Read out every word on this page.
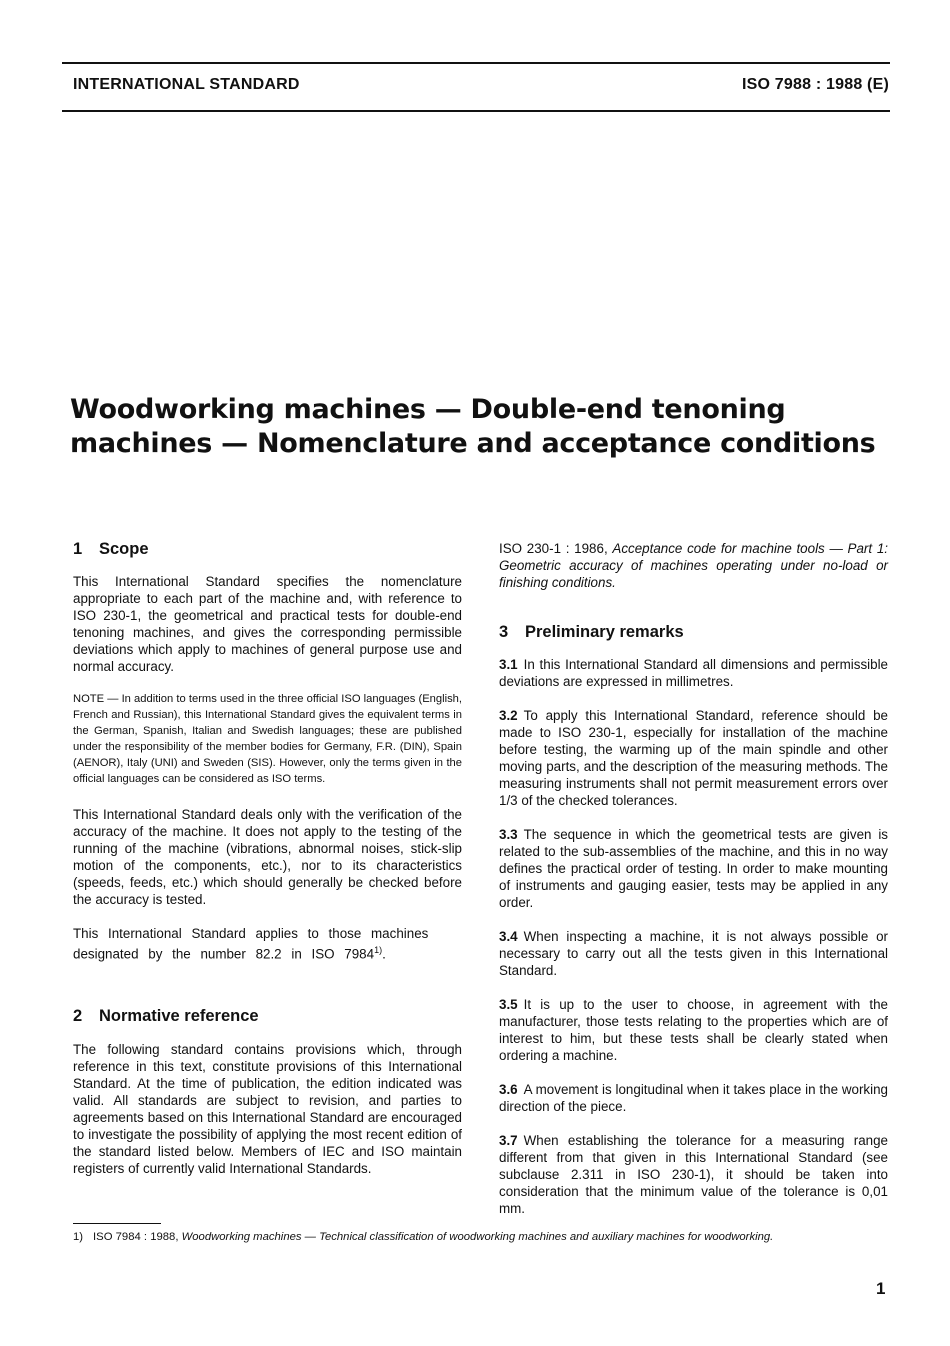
INTERNATIONAL STANDARD	ISO 7988 : 1988 (E)
Woodworking machines — Double-end tenoning
machines — Nomenclature and acceptance conditions
1 Scope

This International Standard specifies the nomenclature appropriate to each part of the machine and, with reference to ISO 230-1, the geometrical and practical tests for double-end tenoning machines, and gives the corresponding permissible deviations which apply to machines of general purpose use and normal accuracy.

NOTE — In addition to terms used in the three official ISO languages (English, French and Russian), this International Standard gives the equivalent terms in the German, Spanish, Italian and Swedish languages; these are published under the responsibility of the member bodies for Germany, F.R. (DIN), Spain (AENOR), Italy (UNI) and Sweden (SIS). However, only the terms given in the official languages can be considered as ISO terms.

This International Standard deals only with the verification of the accuracy of the machine. It does not apply to the testing of the running of the machine (vibrations, abnormal noises, stick-slip motion of the components, etc.), nor to its characteristics (speeds, feeds, etc.) which should generally be checked before the accuracy is tested.

This International Standard applies to those machines designated by the number 82.2 in ISO 7984$^{1)}$.

2 Normative reference

The following standard contains provisions which, through reference in this text, constitute provisions of this International Standard. At the time of publication, the edition indicated was valid. All standards are subject to revision, and parties to agreements based on this International Standard are encouraged to investigate the possibility of applying the most recent edition of the standard listed below. Members of IEC and ISO maintain registers of currently valid International Standards.

ISO 230-1 : 1986, Acceptance code for machine tools — Part 1: Geometric accuracy of machines operating under no-load or finishing conditions.

3 Preliminary remarks

3.1 In this International Standard all dimensions and permissible deviations are expressed in millimetres.

3.2 To apply this International Standard, reference should be made to ISO 230-1, especially for installation of the machine before testing, the warming up of the main spindle and other moving parts, and the description of the measuring methods. The measuring instruments shall not permit measurement errors over 1/3 of the checked tolerances.

3.3 The sequence in which the geometrical tests are given is related to the sub-assemblies of the machine, and this in no way defines the practical order of testing. In order to make mounting of instruments and gauging easier, tests may be applied in any order.

3.4 When inspecting a machine, it is not always possible or necessary to carry out all the tests given in this International Standard.

3.5 It is up to the user to choose, in agreement with the manufacturer, those tests relating to the properties which are of interest to him, but these tests shall be clearly stated when ordering a machine.

3.6 A movement is longitudinal when it takes place in the working direction of the piece.

3.7 When establishing the tolerance for a measuring range different from that given in this International Standard (see subclause 2.311 in ISO 230-1), it should be taken into consideration that the minimum value of the tolerance is 0,01 mm.

1) ISO 7984 : 1988, Woodworking machines — Technical classification of woodworking machines and auxiliary machines for woodworking.
1
